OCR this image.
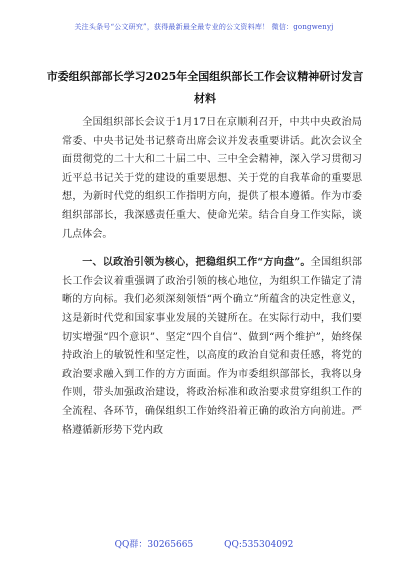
关注头条号“公文研究”，获得最新最全最专业的公文资料库！ 微信：gongwenyj
市委组织部部长学习2025年全国组织部长工作会议精神研讨发言材料

全国组织部长会议于1月17日在京顺利召开，中共中央政治局常委、中央书记处书记蔡奇出席会议并发表重要讲话。此次会议全面贯彻党的二十大和二十届二中、三中全会精神，深入学习贯彻习近平总书记关于党的建设的重要思想、关于党的自我革命的重要思想，为新时代党的组织工作指明方向，提供了根本遵循。作为市委组织部部长，我深感责任重大、使命光荣。结合自身工作实际，谈几点体会。

一、以政治引领为核心，把稳组织工作“方向盘”。全国组织部长工作会议着重强调了政治引领的核心地位，为组织工作锚定了清晰的方向标。我们必须深刻领悟“两个确立”所蕴含的决定性意义，这是新时代党和国家事业发展的关键所在。在实际行动中，我们要切实增强“四个意识”、坚定“四个自信”、做到“两个维护”，始终保持政治上的敏锐性和坚定性，以高度的政治自觉和责任感，将党的政治要求融入到工作的方方面面。作为市委组织部部长，我将以身作则，带头加强政治建设，将政治标准和政治要求贯穿组织工作的全流程、各环节，确保组织工作始终沿着正确的政治方向前进。严格遵循新形势下党内政

QQ群：30265665	QQ:535304092
